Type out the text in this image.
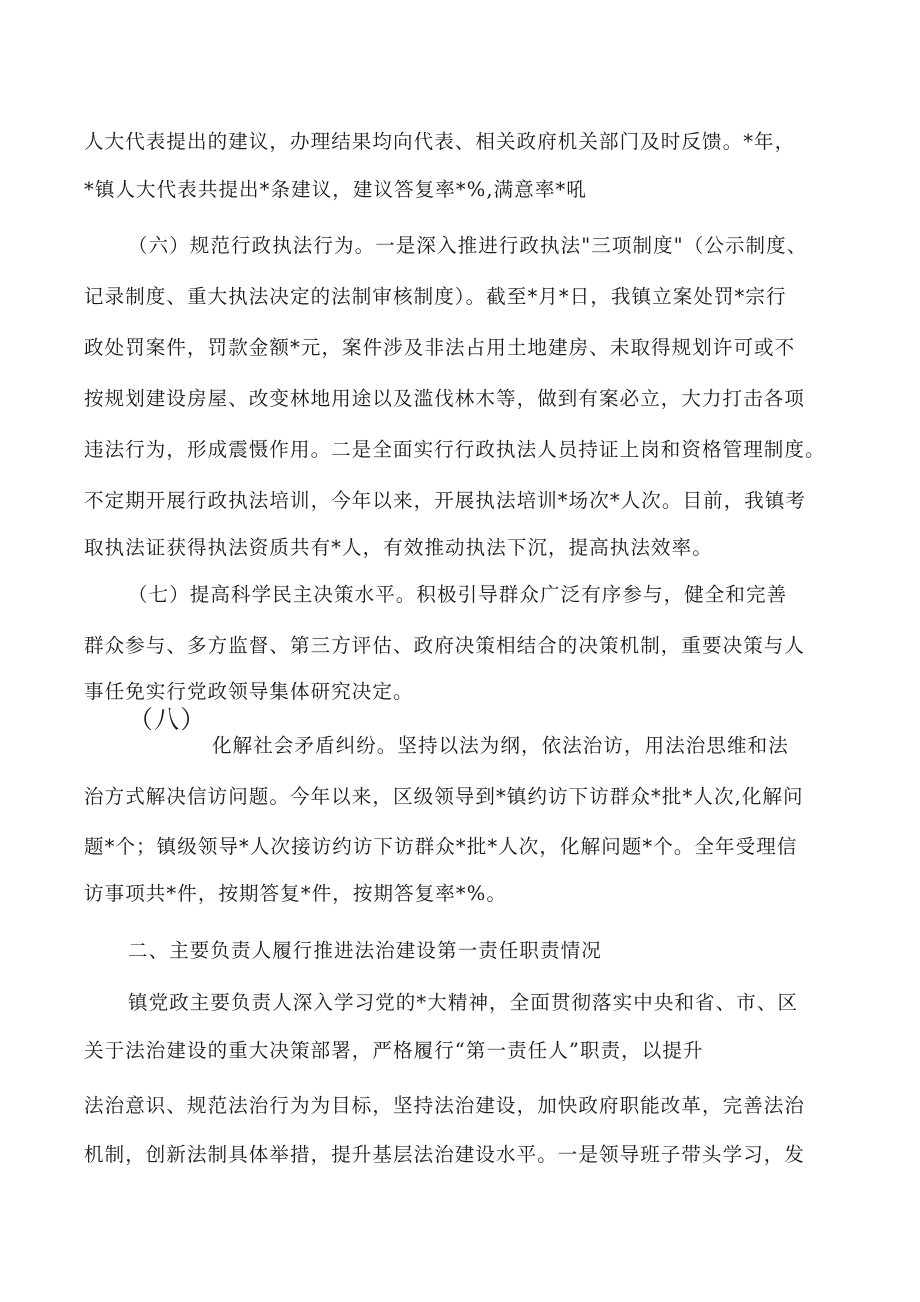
人大代表提出的建议，办理结果均向代表、相关政府机关部门及时反馈。*年，
*镇人大代表共提出*条建议，建议答复率*%,满意率*吼
（六）规范行政执法行为。一是深入推进行政执法"三项制度"（公示制度、
记录制度、重大执法决定的法制审核制度）。截至*月*日，我镇立案处罚*宗行
政处罚案件，罚款金额*元，案件涉及非法占用土地建房、未取得规划许可或不
按规划建设房屋、改变林地用途以及滥伐林木等，做到有案必立，大力打击各项
违法行为，形成震慑作用。二是全面实行行政执法人员持证上岗和资格管理制度。
不定期开展行政执法培训，今年以来，开展执法培训*场次*人次。目前，我镇考
取执法证获得执法资质共有*人，有效推动执法下沉，提高执法效率。
（七）提高科学民主决策水平。积极引导群众广泛有序参与，健全和完善
群众参与、多方监督、第三方评估、政府决策相结合的决策机制，重要决策与人
事任免实行党政领导集体研究决定。
（八）
化解社会矛盾纠纷。坚持以法为纲，依法治访，用法治思维和法
治方式解决信访问题。今年以来，区级领导到*镇约访下访群众*批*人次,化解问
题*个；镇级领导*人次接访约访下访群众*批*人次，化解问题*个。全年受理信
访事项共*件，按期答复*件，按期答复率*%。
二、主要负责人履行推进法治建设第一责任职责情况
镇党政主要负责人深入学习党的*大精神，全面贯彻落实中央和省、市、区
关于法治建设的重大决策部署，严格履行“第一责任人”职责，以提升
法治意识、规范法治行为为目标，坚持法治建设，加快政府职能改革，完善法治
机制，创新法制具体举措，提升基层法治建设水平。一是领导班子带头学习，发
